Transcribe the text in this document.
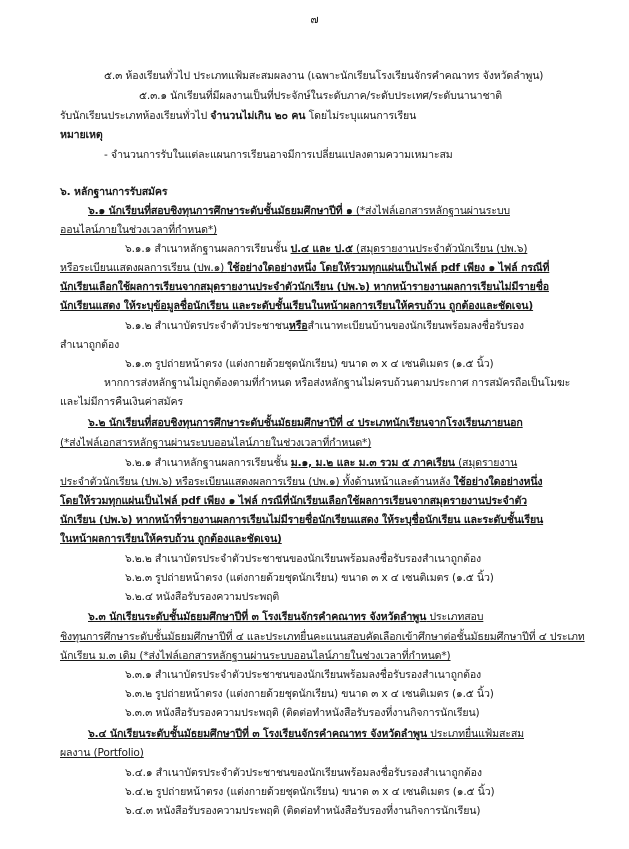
๗
๕.๓ ห้องเรียนทั่วไป ประเภทแฟ้มสะสมผลงาน (เฉพาะนักเรียนโรงเรียนจักรคำคณาทร จังหวัดลำพูน)
๕.๓.๑ นักเรียนที่มีผลงานเป็นที่ประจักษ์ในระดับภาค/ระดับประเทศ/ระดับนานาชาติ
รับนักเรียนประเภทห้องเรียนทั่วไป จำนวนไม่เกิน ๒๐ คน โดยไม่ระบุแผนการเรียน
หมายเหตุ
- จำนวนการรับในแต่ละแผนการเรียนอาจมีการเปลี่ยนแปลงตามความเหมาะสม
๖. หลักฐานการรับสมัคร
๖.๑ นักเรียนที่สอบชิงทุนการศึกษาระดับชั้นมัธยมศึกษาปีที่ ๑ (*ส่งไฟล์เอกสารหลักฐานผ่านระบบ
ออนไลน์ภายในช่วงเวลาที่กำหนด*)
๖.๑.๑ สำเนาหลักฐานผลการเรียนชั้น ป.๔ และ ป.๕ (สมุดรายงานประจำตัวนักเรียน (ปพ.๖)
หรือระเบียนแสดงผลการเรียน (ปพ.๑) ใช้อย่างใดอย่างหนึ่ง โดยให้รวมทุกแผ่นเป็นไฟล์ pdf เพียง ๑ ไฟล์ กรณีที่
นักเรียนเลือกใช้ผลการเรียนจากสมุดรายงานประจำตัวนักเรียน (ปพ.๖) หากหน้ารายงานผลการเรียนไม่มีรายชื่อ
นักเรียนแสดง ให้ระบุข้อมูลชื่อนักเรียน และระดับชั้นเรียนในหน้าผลการเรียนให้ครบถ้วน ถูกต้องและชัดเจน)
๖.๑.๒ สำเนาบัตรประจำตัวประชาชนหรือสำเนาทะเบียนบ้านของนักเรียนพร้อมลงชื่อรับรอง
สำเนาถูกต้อง
๖.๑.๓ รูปถ่ายหน้าตรง (แต่งกายด้วยชุดนักเรียน) ขนาด ๓ x ๔ เซนติเมตร (๑.๕ นิ้ว)
หากการส่งหลักฐานไม่ถูกต้องตามที่กำหนด หรือส่งหลักฐานไม่ครบถ้วนตามประกาศ การสมัครถือเป็นโมฆะ
และไม่มีการคืนเงินค่าสมัคร
๖.๒ นักเรียนที่สอบชิงทุนการศึกษาระดับชั้นมัธยมศึกษาปีที่ ๔ ประเภทนักเรียนจากโรงเรียนภายนอก
(*ส่งไฟล์เอกสารหลักฐานผ่านระบบออนไลน์ภายในช่วงเวลาที่กำหนด*)
๖.๒.๑ สำเนาหลักฐานผลการเรียนชั้น ม.๑, ม.๒ และ ม.๓ รวม ๕ ภาคเรียน (สมุดรายงาน
ประจำตัวนักเรียน (ปพ.๖) หรือระเบียนแสดงผลการเรียน (ปพ.๑) ทั้งด้านหน้าและด้านหลัง ใช้อย่างใดอย่างหนึ่ง
โดยให้รวมทุกแผ่นเป็นไฟล์ pdf เพียง ๑ ไฟล์ กรณีที่นักเรียนเลือกใช้ผลการเรียนจากสมุดรายงานประจำตัว
นักเรียน (ปพ.๖) หากหน้าที่รายงานผลการเรียนไม่มีรายชื่อนักเรียนแสดง ให้ระบุชื่อนักเรียน และระดับชั้นเรียน
ในหน้าผลการเรียนให้ครบถ้วน ถูกต้องและชัดเจน)
๖.๒.๒ สำเนาบัตรประจำตัวประชาชนของนักเรียนพร้อมลงชื่อรับรองสำเนาถูกต้อง
๖.๒.๓ รูปถ่ายหน้าตรง (แต่งกายด้วยชุดนักเรียน) ขนาด ๓ x ๔ เซนติเมตร (๑.๕ นิ้ว)
๖.๒.๔ หนังสือรับรองความประพฤติ
๖.๓ นักเรียนระดับชั้นมัธยมศึกษาปีที่ ๓ โรงเรียนจักรคำคณาทร จังหวัดลำพูน ประเภทสอบ
ชิงทุนการศึกษาระดับชั้นมัธยมศึกษาปีที่ ๔ และประเภทยื่นคะแนนสอบคัดเลือกเข้าศึกษาต่อชั้นมัธยมศึกษาปีที่ ๔ ประเภท
นักเรียน ม.๓ เดิม (*ส่งไฟล์เอกสารหลักฐานผ่านระบบออนไลน์ภายในช่วงเวลาที่กำหนด*)
๖.๓.๑ สำเนาบัตรประจำตัวประชาชนของนักเรียนพร้อมลงชื่อรับรองสำเนาถูกต้อง
๖.๓.๒ รูปถ่ายหน้าตรง (แต่งกายด้วยชุดนักเรียน) ขนาด ๓ x ๔ เซนติเมตร (๑.๕ นิ้ว)
๖.๓.๓ หนังสือรับรองความประพฤติ (ติดต่อทำหนังสือรับรองที่งานกิจการนักเรียน)
๖.๔ นักเรียนระดับชั้นมัธยมศึกษาปีที่ ๓ โรงเรียนจักรคำคณาทร จังหวัดลำพูน ประเภทยื่นแฟ้มสะสม
ผลงาน (Portfolio)
๖.๔.๑ สำเนาบัตรประจำตัวประชาชนของนักเรียนพร้อมลงชื่อรับรองสำเนาถูกต้อง
๖.๔.๒ รูปถ่ายหน้าตรง (แต่งกายด้วยชุดนักเรียน) ขนาด ๓ x ๔ เซนติเมตร (๑.๕ นิ้ว)
๖.๔.๓ หนังสือรับรองความประพฤติ (ติดต่อทำหนังสือรับรองที่งานกิจการนักเรียน)
